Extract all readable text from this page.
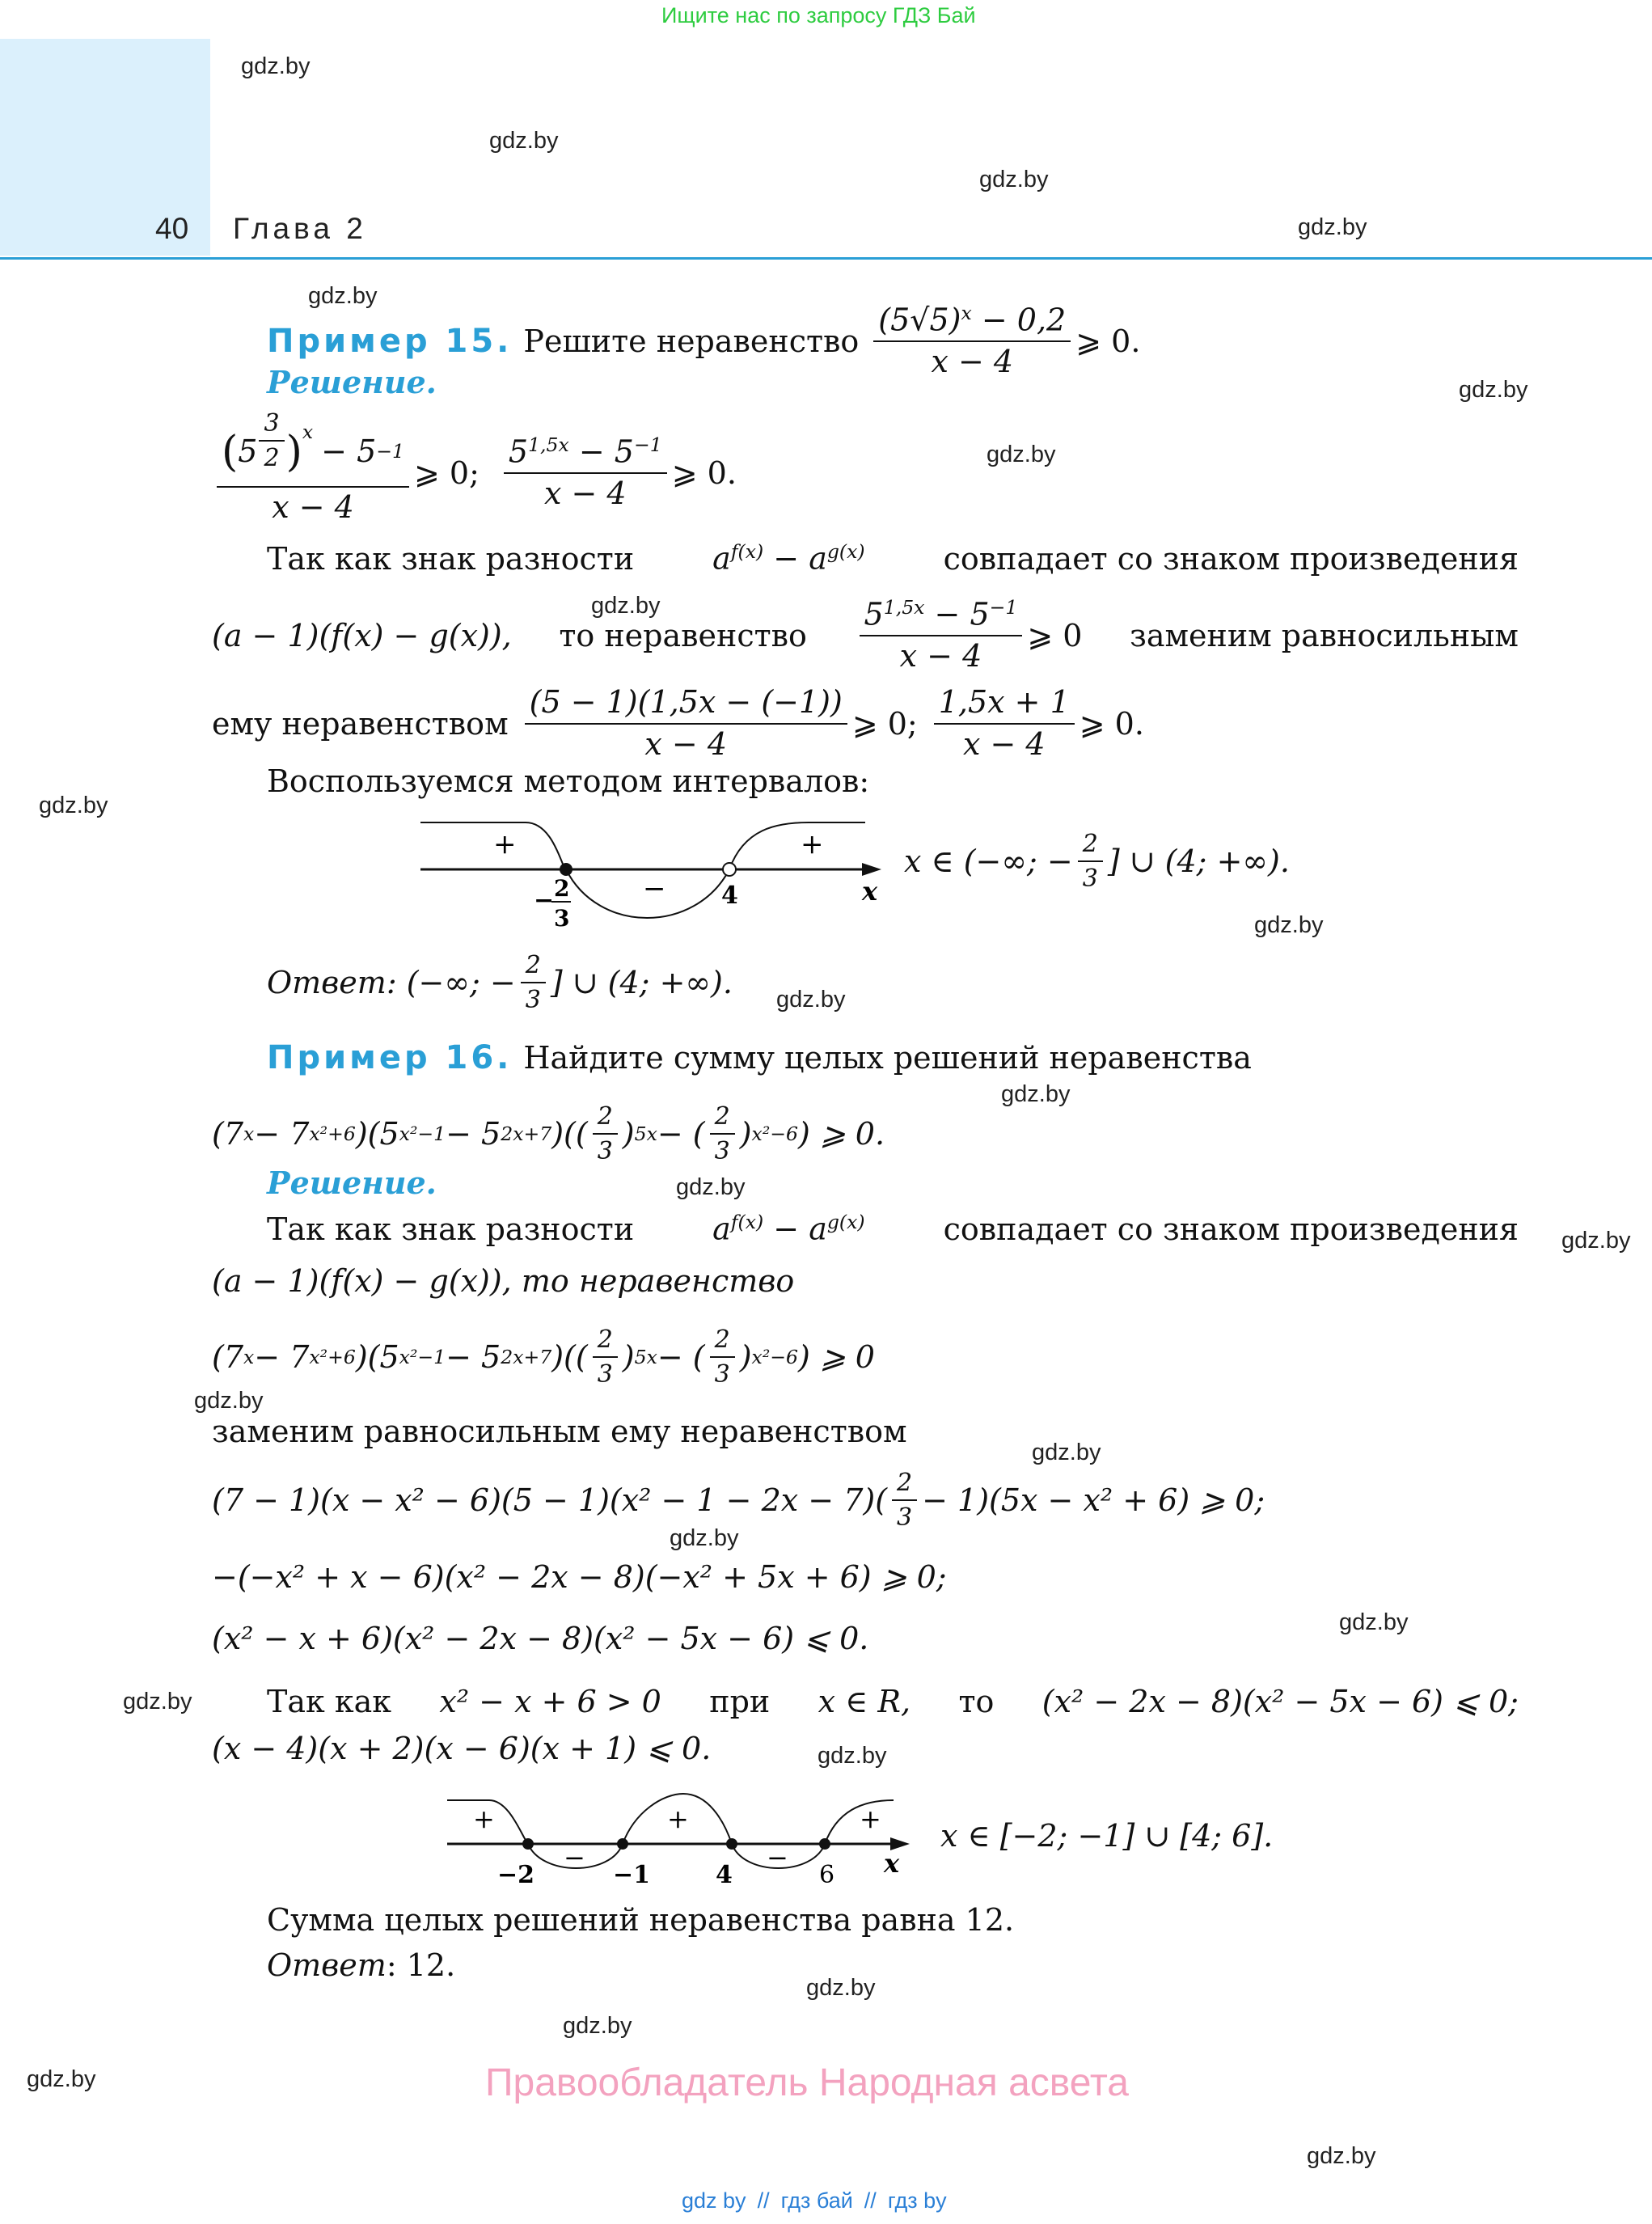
Ищите нас по запросу ГДЗ Бай
40 Глава 2
gdz.by
gdz.by
gdz.by
gdz.by
gdz.by
gdz.by
gdz.by
gdz.by
gdz.by
gdz.by
gdz.by
gdz.by
gdz.by
gdz.by
gdz.by
gdz.by
gdz.by
gdz.by
gdz.by
gdz.by
gdz.by
gdz.by
gdz.by
gdz.by
Пример 15. Решите неравенство $\frac{(5√5)^x - 0,2}{x - 4}$ ⩾ 0.
Решение.
( $5 \frac{3}{2} )^x$
− 5 −1
x − 4
⩾ 0; $\frac{5^{1,5x} - 5^{-1}}{x - 4}$ ⩾ 0.
Так как знак разности	$a^{f(x)} - a^{g(x)}$	совпадает со знаком произведения
(a − 1)(f(x) − g(x)), то неравенство $\frac{5^{1,5x} - 5^{-1}}{x - 4}$ ⩾ 0 заменим равносильным
ему неравенством $\frac{(5 - 1)(1,5x - (-1))}{x - 4}$ ⩾ 0; $\frac{1,5x + 1}{x - 4}$ ⩾ 0.
Воспользуемся методом интервалов:
+
−
+
− 2
3
4	x
x ∈ (−∞; − $\frac{2}{3}$ ] ∪ (4; +∞).
Ответ : (−∞; − $\frac{2}{3}$ ] ∪ (4; +∞).
Пример 16. Найдите сумму целых решений неравенства
(7 x − 7 x²+6 )(5 x²−1 − 5 2x+7 )(( $\frac{2}{3}$ ) 5x − ( $\frac{2}{3}$ ) x²−6 ) ⩾ 0.
Решение.
Так как знак разности	$a^{f(x)} - a^{g(x)}$	совпадает со знаком произведения
(a − 1)(f(x) − g(x)), то неравенство
(7 x − 7 x²+6 )(5 x²−1 − 5 2x+7 )(( $\frac{2}{3}$ ) 5x − ( $\frac{2}{3}$ ) x²−6 ) ⩾ 0
заменим равносильным ему неравенством
$(7 - 1)(x - x^2 - 6)(5 - 1)(x^2 - 1 - 2x - 7)( \frac{2}{3} - 1)(5x - x^2 + 6)$ ⩾ 0;
−(−x² + x − 6)(x² − 2x − 8)(−x² + 5x + 6) ⩾ 0;
(x² − x + 6)(x² − 2x − 8)(x² − 5x − 6) ⩽ 0.
Так как x² − x + 6 > 0 при x ∈ R, то (x² − 2x − 8)(x² − 5x − 6) ⩽ 0;
(x − 4)(x + 2)(x − 6)(x + 1) ⩽ 0.
+
−
+
−
+
−2	−1	4	6 x
x ∈ [−2; −1] ∪ [4; 6].
Сумма целых решений неравенства равна 12.
Ответ : 12.
Правообладатель Народная асвета
gdz by // гдз бай // гдз by
